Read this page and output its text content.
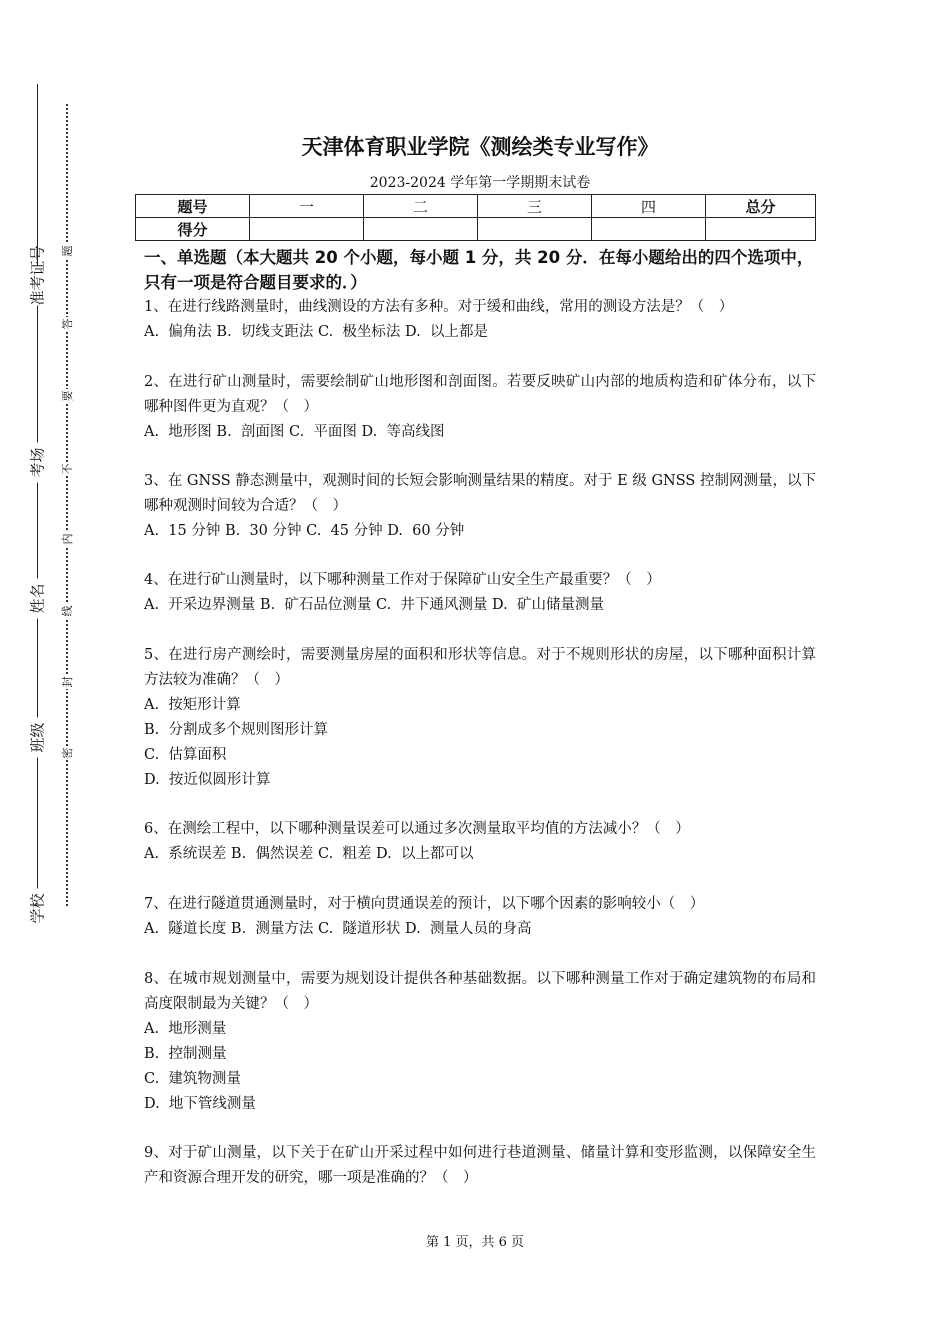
准考证号
考场
姓名
班级
学校
题
答
要
不
内
线
封
密
天津体育职业学院《测绘类专业写作》
2023-2024 学年第一学期期末试卷
题号	一	二	三	四	总分
得分					
一、单选题（本大题共 20 个小题，每小题 1 分，共 20 分．在每小题给出的四个选项中，只有一项是符合题目要求的．）
1、在进行线路测量时，曲线测设的方法有多种。对于缓和曲线，常用的测设方法是？（　）
A.  偏角法 B.  切线支距法 C.  极坐标法 D.  以上都是
2、在进行矿山测量时，需要绘制矿山地形图和剖面图。若要反映矿山内部的地质构造和矿体分布，以下哪种图件更为直观？（　）
A.  地形图 B.  剖面图 C.  平面图 D.  等高线图
3、在 GNSS 静态测量中，观测时间的长短会影响测量结果的精度。对于 E 级 GNSS 控制网测量，以下哪种观测时间较为合适？（　）
A.  15 分钟 B.  30 分钟 C.  45 分钟 D.  60 分钟
4、在进行矿山测量时，以下哪种测量工作对于保障矿山安全生产最重要？（　）
A.  开采边界测量 B.  矿石品位测量 C.  井下通风测量 D.  矿山储量测量
5、在进行房产测绘时，需要测量房屋的面积和形状等信息。对于不规则形状的房屋，以下哪种面积计算方法较为准确？（　）
A.  按矩形计算
B.  分割成多个规则图形计算
C.  估算面积
D.  按近似圆形计算
6、在测绘工程中，以下哪种测量误差可以通过多次测量取平均值的方法减小？（　）
A.  系统误差 B.  偶然误差 C.  粗差 D.  以上都可以
7、在进行隧道贯通测量时，对于横向贯通误差的预计，以下哪个因素的影响较小（　）
A.  隧道长度 B.  测量方法 C.  隧道形状 D.  测量人员的身高
8、在城市规划测量中，需要为规划设计提供各种基础数据。以下哪种测量工作对于确定建筑物的布局和高度限制最为关键？（　）
A.  地形测量
B.  控制测量
C.  建筑物测量
D.  地下管线测量
9、对于矿山测量，以下关于在矿山开采过程中如何进行巷道测量、储量计算和变形监测，以保障安全生产和资源合理开发的研究，哪一项是准确的？（　）
第 1 页，共 6 页
